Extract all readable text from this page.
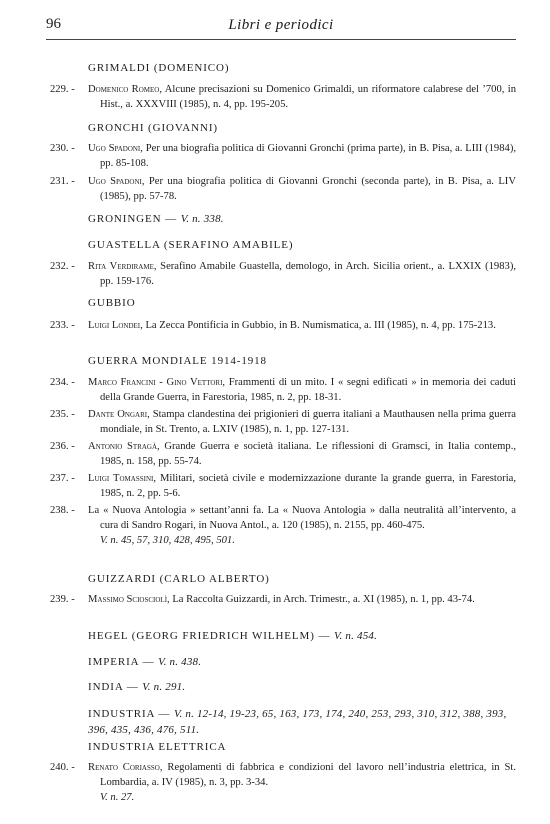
96	Libri e periodici
GRIMALDI (DOMENICO)
229. -	Domenico Romeo, Alcune precisazioni su Domenico Grimaldi, un riformatore calabrese del ’700, in Hist., a. XXXVIII (1985), n. 4, pp. 195-205.
GRONCHI (GIOVANNI)
230. -	Ugo Spadoni, Per una biografia politica di Giovanni Gronchi (prima parte), in B. Pisa, a. LIII (1984), pp. 85-108.
231. -	Ugo Spadoni, Per una biografia politica di Giovanni Gronchi (seconda parte), in B. Pisa, a. LIV (1985), pp. 57-78.
GRONINGEN — V. n. 338.
GUASTELLA (SERAFINO AMABILE)
232. -	Rita Verdirame, Serafino Amabile Guastella, demologo, in Arch. Sicilia orient., a. LXXIX (1983), pp. 159-176.
GUBBIO
233. -	Luigi Londei, La Zecca Pontificia in Gubbio, in B. Numismatica, a. III (1985), n. 4, pp. 175-213.
GUERRA MONDIALE 1914-1918
234. -	Marco Francini - Gino Vettori, Frammenti di un mito. I « segni edificati » in memoria dei caduti della Grande Guerra, in Farestoria, 1985, n. 2, pp. 18-31.
235. -	Dante Ongari, Stampa clandestina dei prigionieri di guerra italiani a Mauthausen nella prima guerra mondiale, in St. Trento, a. LXIV (1985), n. 1, pp. 127-131.
236. -	Antonio Stragà, Grande Guerra e società italiana. Le riflessioni di Gramsci, in Italia contemp., 1985, n. 158, pp. 55-74.
237. -	Luigi Tomassini, Militari, società civile e modernizzazione durante la grande guerra, in Farestoria, 1985, n. 2, pp. 5-6.
238. -	La « Nuova Antologia » settant’anni fa. La « Nuova Antologia » dalla neutralità all’intervento, a cura di Sandro Rogari, in Nuova Antol., a. 120 (1985), n. 2155, pp. 460-475.
V. n. 45, 57, 310, 428, 495, 501.
GUIZZARDI (CARLO ALBERTO)
239. -	Massimo Sciosciolì, La Raccolta Guizzardi, in Arch. Trimestr., a. XI (1985), n. 1, pp. 43-74.
HEGEL (GEORG FRIEDRICH WILHELM) — V. n. 454.
IMPERIA — V. n. 438.
INDIA — V. n. 291.
INDUSTRIA — V. n. 12-14, 19-23, 65, 163, 173, 174, 240, 253, 293, 310, 312, 388, 393, 396, 435, 436, 476, 511.
INDUSTRIA ELETTRICA
240. -	Renato Coriasso, Regolamenti di fabbrica e condizioni del lavoro nell’industria elettrica, in St. Lombardia, a. IV (1985), n. 3, pp. 3-34.
V. n. 27.
